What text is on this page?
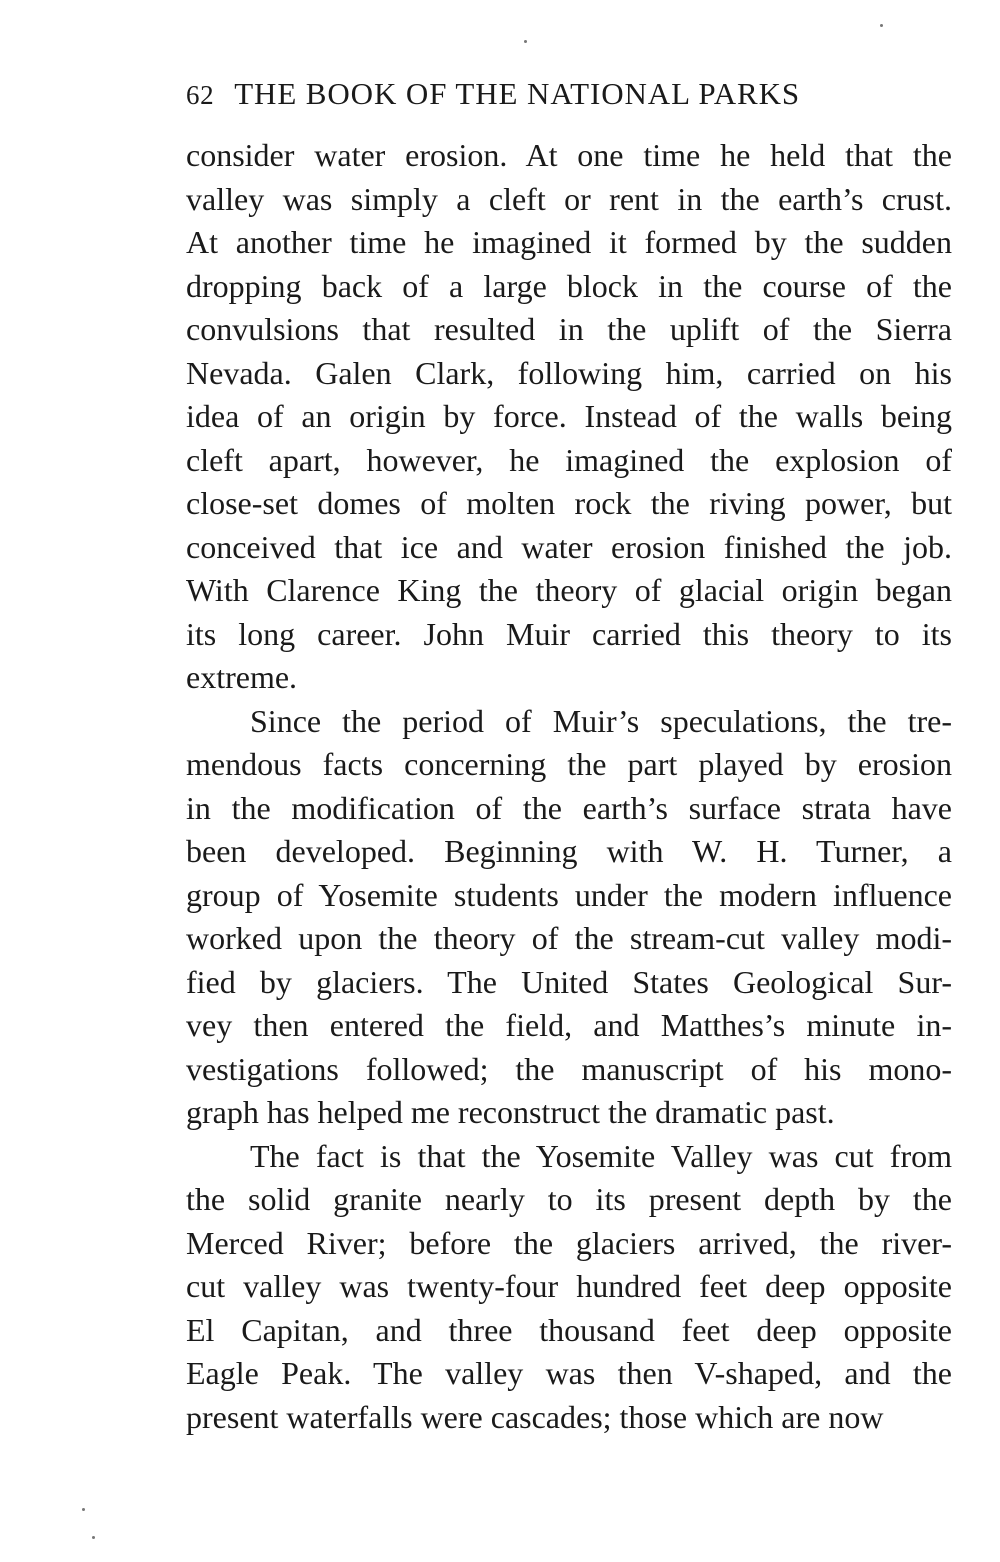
62 THE BOOK OF THE NATIONAL PARKS
consider water erosion. At one time he held that the
valley was simply a cleft or rent in the earth’s crust.
At another time he imagined it formed by the sudden
dropping back of a large block in the course of the
convulsions that resulted in the uplift of the Sierra
Nevada. Galen Clark, following him, carried on his
idea of an origin by force. Instead of the walls being
cleft apart, however, he imagined the explosion of
close-set domes of molten rock the riving power, but
conceived that ice and water erosion finished the job.
With Clarence King the theory of glacial origin began
its long career. John Muir carried this theory to its
extreme.
Since the period of Muir’s speculations, the tre-
mendous facts concerning the part played by erosion
in the modification of the earth’s surface strata have
been developed. Beginning with W. H. Turner, a
group of Yosemite students under the modern influence
worked upon the theory of the stream-cut valley modi-
fied by glaciers. The United States Geological Sur-
vey then entered the field, and Matthes’s minute in-
vestigations followed; the manuscript of his mono-
graph has helped me reconstruct the dramatic past.
The fact is that the Yosemite Valley was cut from
the solid granite nearly to its present depth by the
Merced River; before the glaciers arrived, the river-
cut valley was twenty-four hundred feet deep opposite
El Capitan, and three thousand feet deep opposite
Eagle Peak. The valley was then V-shaped, and the
present waterfalls were cascades; those which are now
